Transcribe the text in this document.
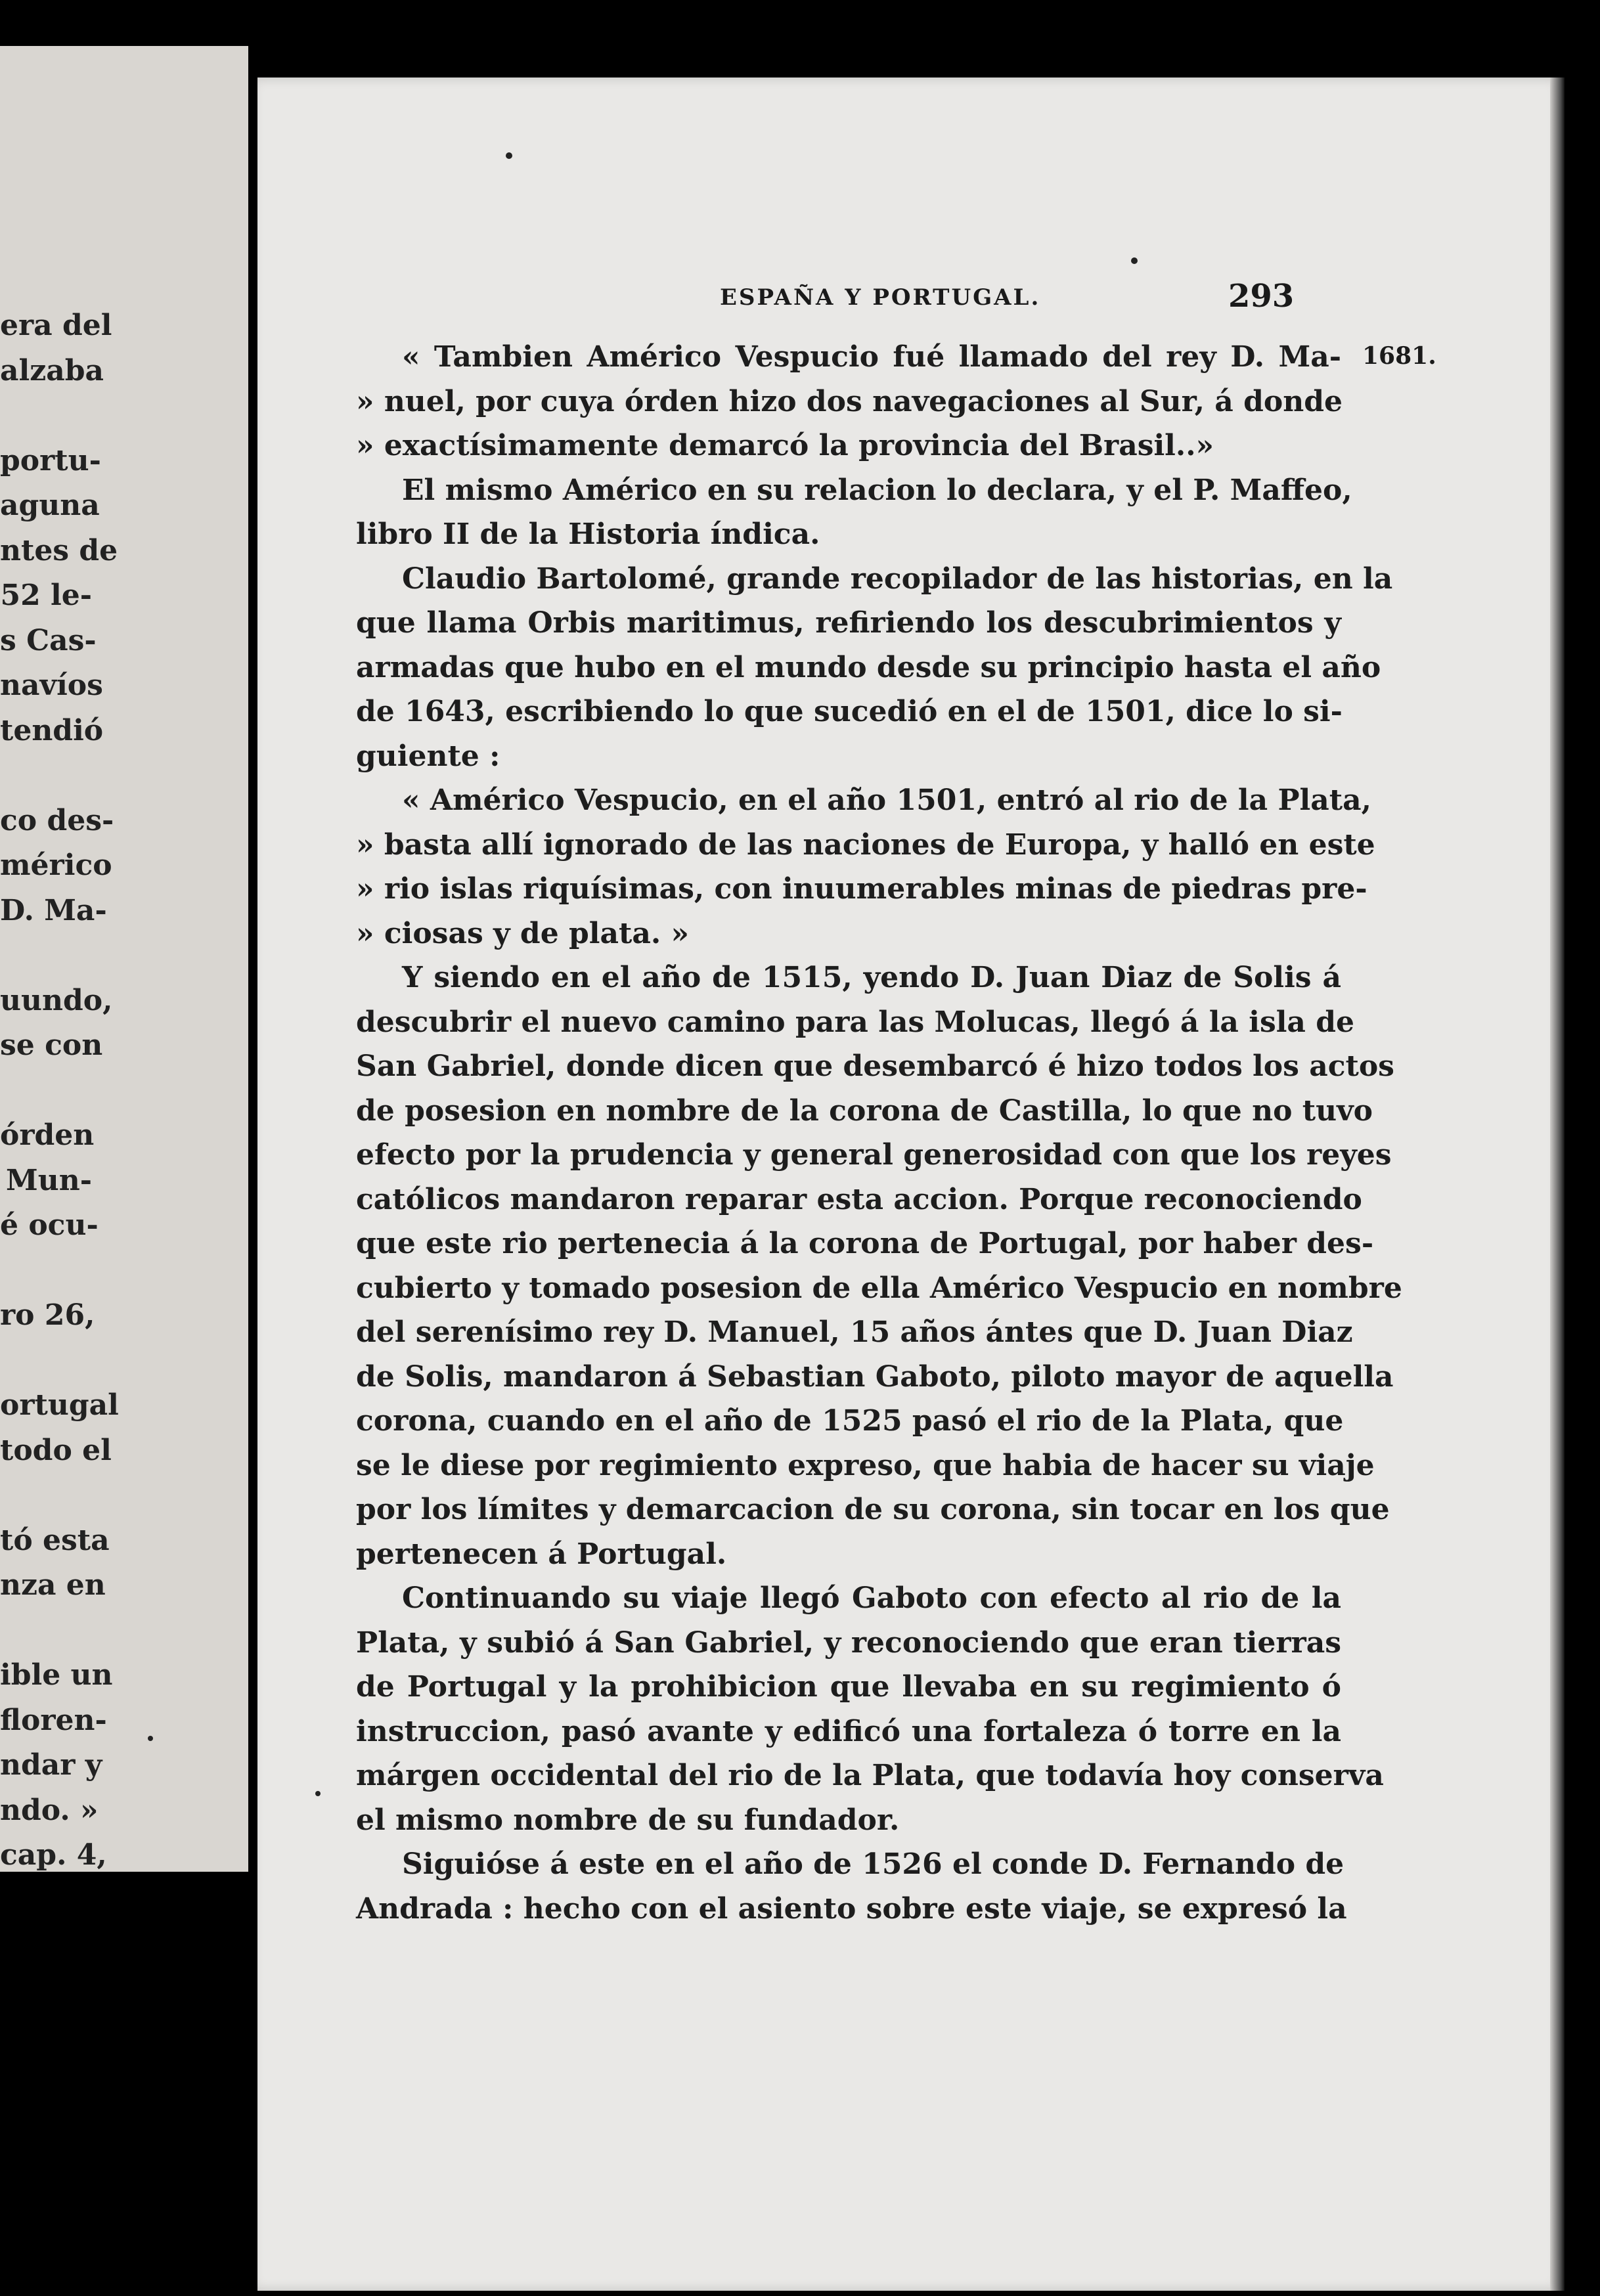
era del
alzaba
portu-
aguna
ntes de
52 le-
s Cas-
navíos
tendió
co des-
mérico
D. Ma-
uundo,
se con
órden
Mun-
é ocu-
ro 26,
ortugal
todo el
tó esta
nza en
ible un
floren-
ndar y
ndo. »
cap. 4,
ESPAÑA Y PORTUGAL.	293
1681.
« Tambien Américo Vespucio fué llamado del rey D. Ma-
» nuel, por cuya órden hizo dos navegaciones al Sur, á donde
» exactísimamente demarcó la provincia del Brasil..»
El mismo Américo en su relacion lo declara, y el P. Maffeo,
libro II de la Historia índica.
Claudio Bartolomé, grande recopilador de las historias, en la
que llama Orbis maritimus, refiriendo los descubrimientos y
armadas que hubo en el mundo desde su principio hasta el año
de 1643, escribiendo lo que sucedió en el de 1501, dice lo si-
guiente :
« Américo Vespucio, en el año 1501, entró al rio de la Plata,
» basta allí ignorado de las naciones de Europa, y halló en este
» rio islas riquísimas, con inuumerables minas de piedras pre-
» ciosas y de plata. »
Y siendo en el año de 1515, yendo D. Juan Diaz de Solis á
descubrir el nuevo camino para las Molucas, llegó á la isla de
San Gabriel, donde dicen que desembarcó é hizo todos los actos
de posesion en nombre de la corona de Castilla, lo que no tuvo
efecto por la prudencia y general generosidad con que los reyes
católicos mandaron reparar esta accion. Porque reconociendo
que este rio pertenecia á la corona de Portugal, por haber des-
cubierto y tomado posesion de ella Américo Vespucio en nombre
del serenísimo rey D. Manuel, 15 años ántes que D. Juan Diaz
de Solis, mandaron á Sebastian Gaboto, piloto mayor de aquella
corona, cuando en el año de 1525 pasó el rio de la Plata, que
se le diese por regimiento expreso, que habia de hacer su viaje
por los límites y demarcacion de su corona, sin tocar en los que
pertenecen á Portugal.
Continuando su viaje llegó Gaboto con efecto al rio de la
Plata, y subió á San Gabriel, y reconociendo que eran tierras
de Portugal y la prohibicion que llevaba en su regimiento ó
instruccion, pasó avante y edificó una fortaleza ó torre en la
márgen occidental del rio de la Plata, que todavía hoy conserva
el mismo nombre de su fundador.
Siguióse á este en el año de 1526 el conde D. Fernando de
Andrada : hecho con el asiento sobre este viaje, se expresó la
